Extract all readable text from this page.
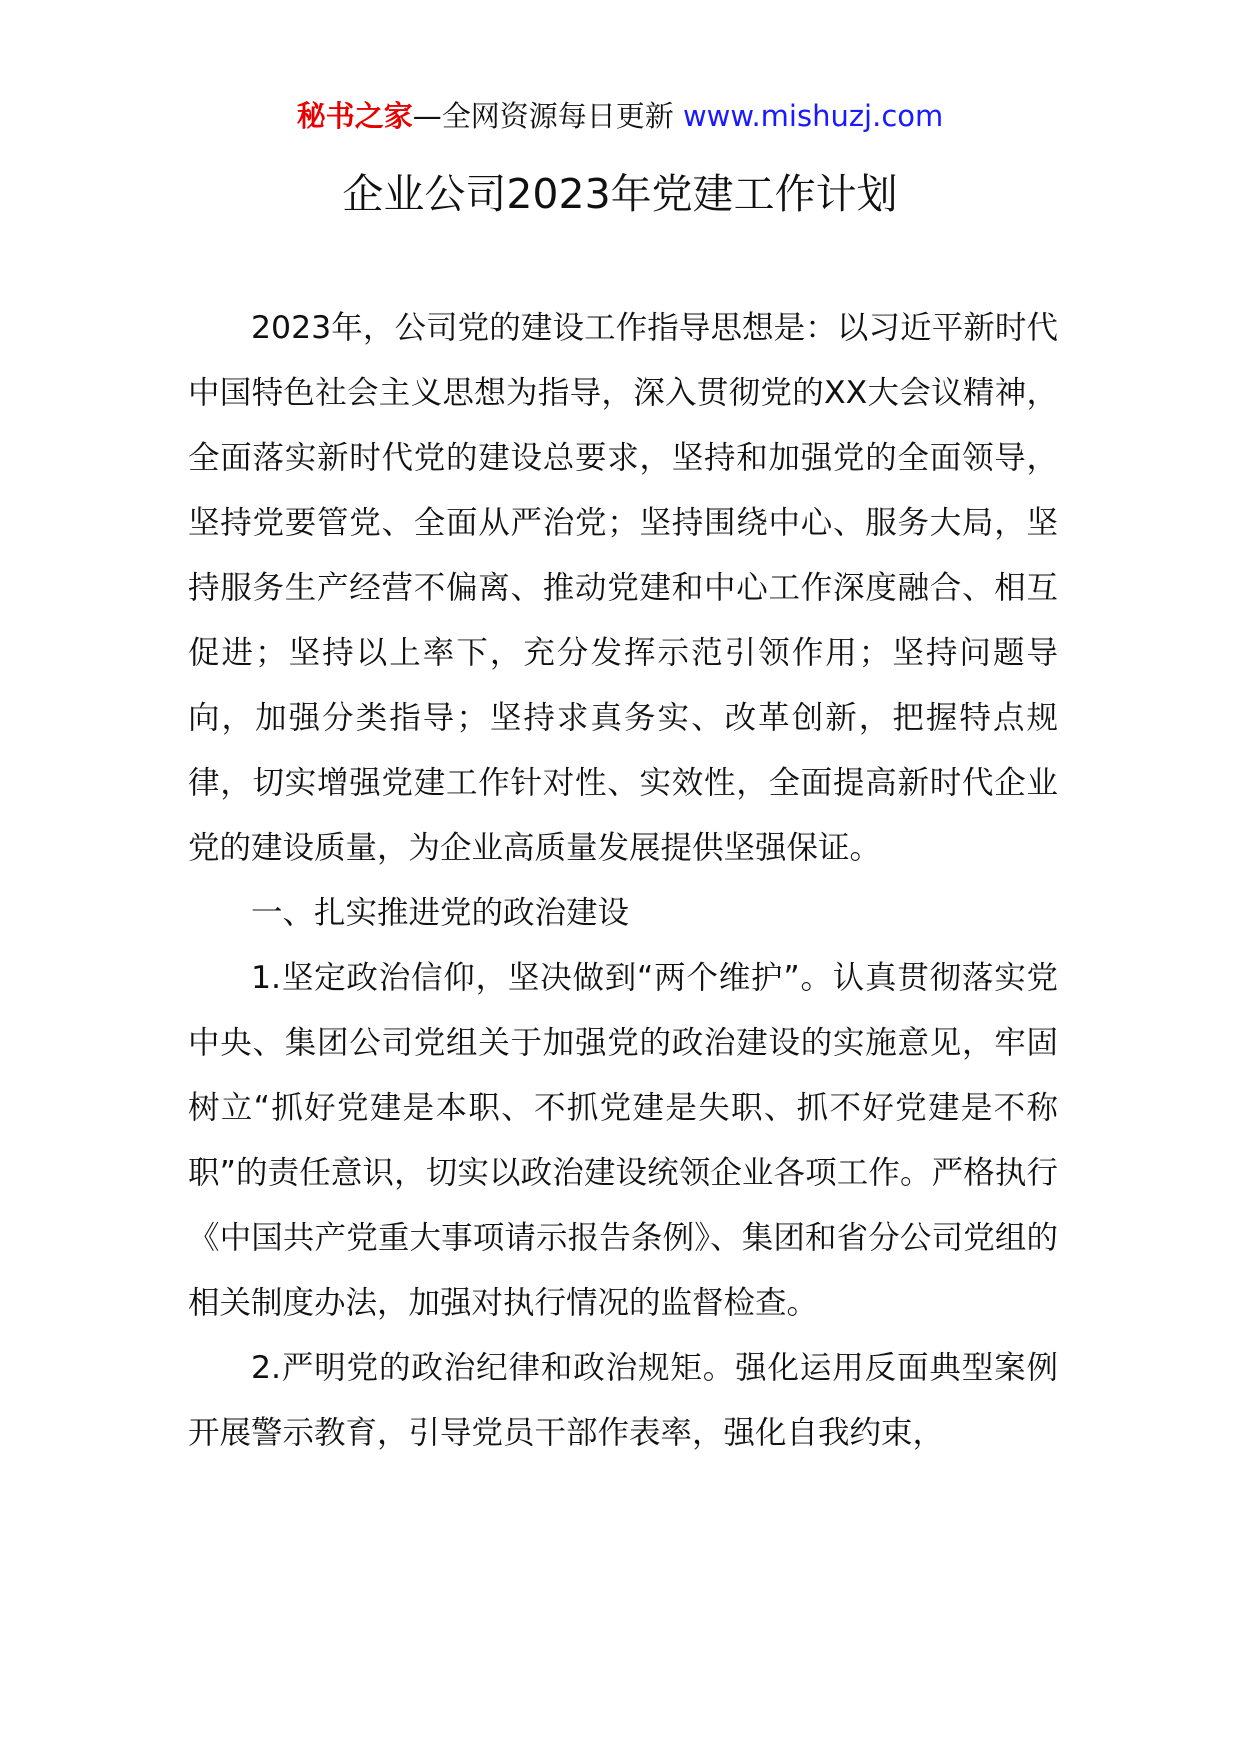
秘书之家—全网资源每日更新 www.mishuzj.com
企业公司2023年党建工作计划

2023年，公司党的建设工作指导思想是：以习近平新时代中国特色社会主义思想为指导，深入贯彻党的XX大会议精神，全面落实新时代党的建设总要求，坚持和加强党的全面领导，坚持党要管党、全面从严治党；坚持围绕中心、服务大局，坚持服务生产经营不偏离、推动党建和中心工作深度融合、相互促进；坚持以上率下，充分发挥示范引领作用；坚持问题导向，加强分类指导；坚持求真务实、改革创新，把握特点规律，切实增强党建工作针对性、实效性，全面提高新时代企业党的建设质量，为企业高质量发展提供坚强保证。

一、扎实推进党的政治建设

1.坚定政治信仰，坚决做到“两个维护”。认真贯彻落实党中央、集团公司党组关于加强党的政治建设的实施意见，牢固树立“抓好党建是本职、不抓党建是失职、抓不好党建是不称职”的责任意识，切实以政治建设统领企业各项工作。严格执行《中国共产党重大事项请示报告条例》、集团和省分公司党组的相关制度办法，加强对执行情况的监督检查。

2.严明党的政治纪律和政治规矩。强化运用反面典型案例开展警示教育，引导党员干部作表率，强化自我约束，
